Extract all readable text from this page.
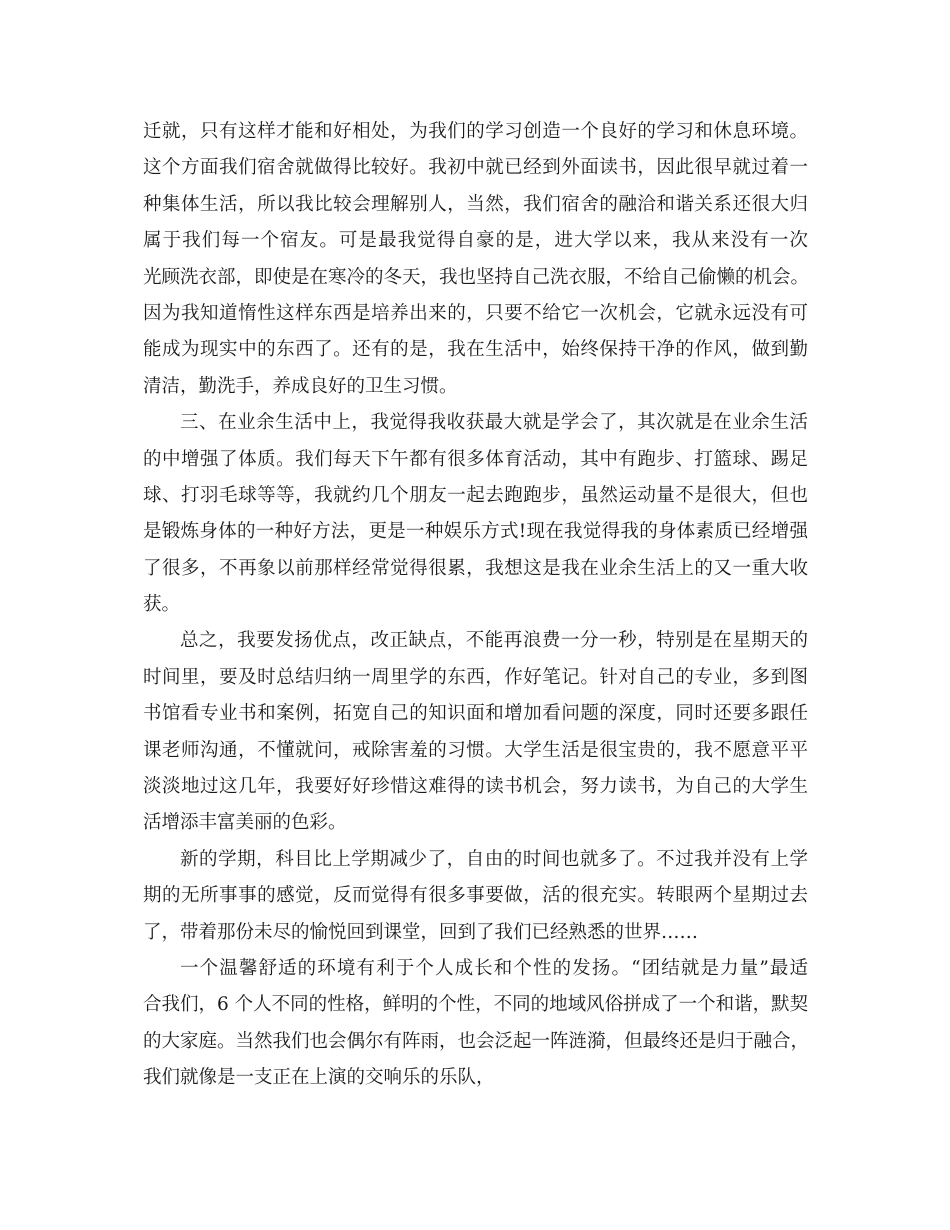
迁就，只有这样才能和好相处，为我们的学习创造一个良好的学习和休息环境。
这个方面我们宿舍就做得比较好。我初中就已经到外面读书，因此很早就过着一
种集体生活，所以我比较会理解别人，当然，我们宿舍的融洽和谐关系还很大归
属于我们每一个宿友。可是最我觉得自豪的是，进大学以来，我从来没有一次
光顾洗衣部，即使是在寒冷的冬天，我也坚持自己洗衣服，不给自己偷懒的机会。
因为我知道惰性这样东西是培养出来的，只要不给它一次机会，它就永远没有可
能成为现实中的东西了。还有的是，我在生活中，始终保持干净的作风，做到勤
清洁，勤洗手，养成良好的卫生习惯。
三、在业余生活中上，我觉得我收获最大就是学会了，其次就是在业余生活
的中增强了体质。我们每天下午都有很多体育活动，其中有跑步、打篮球、踢足
球、打羽毛球等等，我就约几个朋友一起去跑跑步，虽然运动量不是很大，但也
是锻炼身体的一种好方法，更是一种娱乐方式!现在我觉得我的身体素质已经增强
了很多，不再象以前那样经常觉得很累，我想这是我在业余生活上的又一重大收
获。
总之，我要发扬优点，改正缺点，不能再浪费一分一秒，特别是在星期天的
时间里，要及时总结归纳一周里学的东西，作好笔记。针对自己的专业，多到图
书馆看专业书和案例，拓宽自己的知识面和增加看问题的深度，同时还要多跟任
课老师沟通，不懂就问，戒除害羞的习惯。大学生活是很宝贵的，我不愿意平平
淡淡地过这几年，我要好好珍惜这难得的读书机会，努力读书，为自己的大学生
活增添丰富美丽的色彩。
新的学期，科目比上学期减少了，自由的时间也就多了。不过我并没有上学
期的无所事事的感觉，反而觉得有很多事要做，活的很充实。转眼两个星期过去
了，带着那份未尽的愉悦回到课堂，回到了我们已经熟悉的世界……
一个温馨舒适的环境有利于个人成长和个性的发扬。“团结就是力量”最适
合我们，6 个人不同的性格，鲜明的个性，不同的地域风俗拼成了一个和谐，默契
的大家庭。当然我们也会偶尔有阵雨，也会泛起一阵涟漪，但最终还是归于融合，
我们就像是一支正在上演的交响乐的乐队，
